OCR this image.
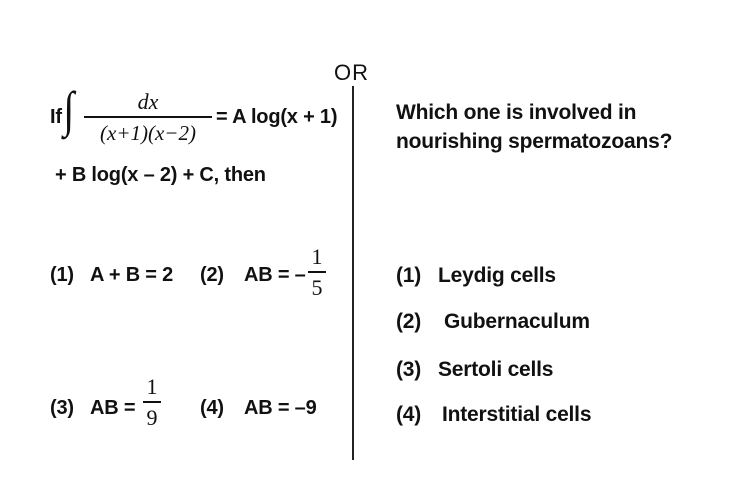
OR
If ∫	dx
(x+1)(x−2)
= A log(x + 1)
+ B log(x – 2) + C, then
(1) A + B = 2 (2) AB = –
1
5
(3) AB =
1
9 (4) AB = –9
Which one is involved in
nourishing spermatozoans?
(1) Leydig cells
(2) Gubernaculum
(3) Sertoli cells
(4) Interstitial cells
